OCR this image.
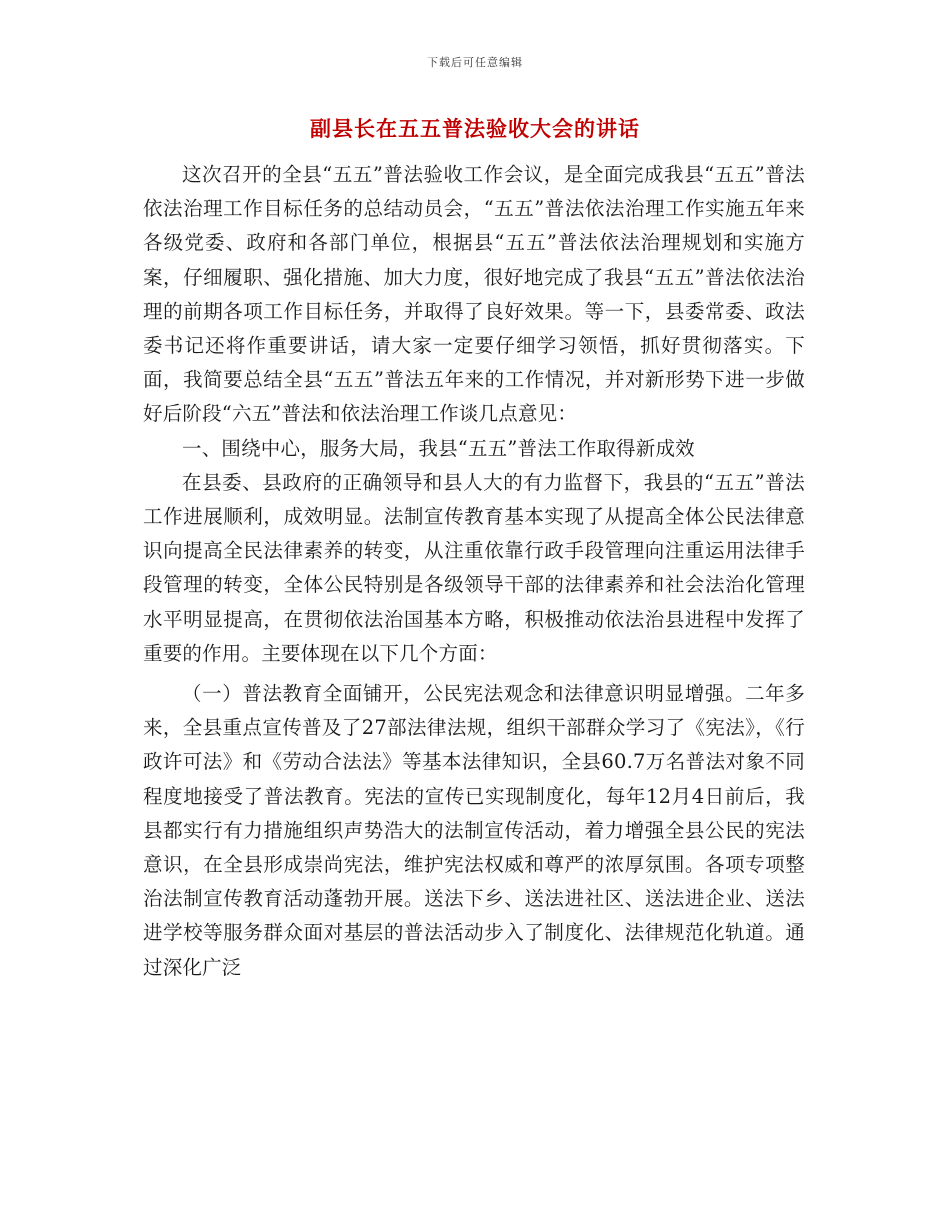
下载后可任意编辑
副县长在五五普法验收大会的讲话

这次召开的全县“五五”普法验收工作会议，是全面完成我县“五五”普法依法治理工作目标任务的总结动员会，“五五”普法依法治理工作实施五年来各级党委、政府和各部门单位，根据县“五五”普法依法治理规划和实施方案，仔细履职、强化措施、加大力度，很好地完成了我县“五五”普法依法治理的前期各项工作目标任务，并取得了良好效果。等一下，县委常委、政法委书记还将作重要讲话，请大家一定要仔细学习领悟，抓好贯彻落实。下面，我简要总结全县“五五”普法五年来的工作情况，并对新形势下进一步做好后阶段“六五”普法和依法治理工作谈几点意见：

一、围绕中心，服务大局，我县“五五”普法工作取得新成效

在县委、县政府的正确领导和县人大的有力监督下，我县的“五五”普法工作进展顺利，成效明显。法制宣传教育基本实现了从提高全体公民法律意识向提高全民法律素养的转变，从注重依靠行政手段管理向注重运用法律手段管理的转变，全体公民特别是各级领导干部的法律素养和社会法治化管理水平明显提高，在贯彻依法治国基本方略，积极推动依法治县进程中发挥了重要的作用。主要体现在以下几个方面：

（一）普法教育全面铺开，公民宪法观念和法律意识明显增强。二年多来，全县重点宣传普及了27部法律法规，组织干部群众学习了《宪法》，《行政许可法》和《劳动合法法》等基本法律知识，全县60.7万名普法对象不同程度地接受了普法教育。宪法的宣传已实现制度化，每年12月4日前后，我县都实行有力措施组织声势浩大的法制宣传活动，着力增强全县公民的宪法意识，在全县形成崇尚宪法，维护宪法权威和尊严的浓厚氛围。各项专项整治法制宣传教育活动蓬勃开展。送法下乡、送法进社区、送法进企业、送法进学校等服务群众面对基层的普法活动步入了制度化、法律规范化轨道。通过深化广泛
